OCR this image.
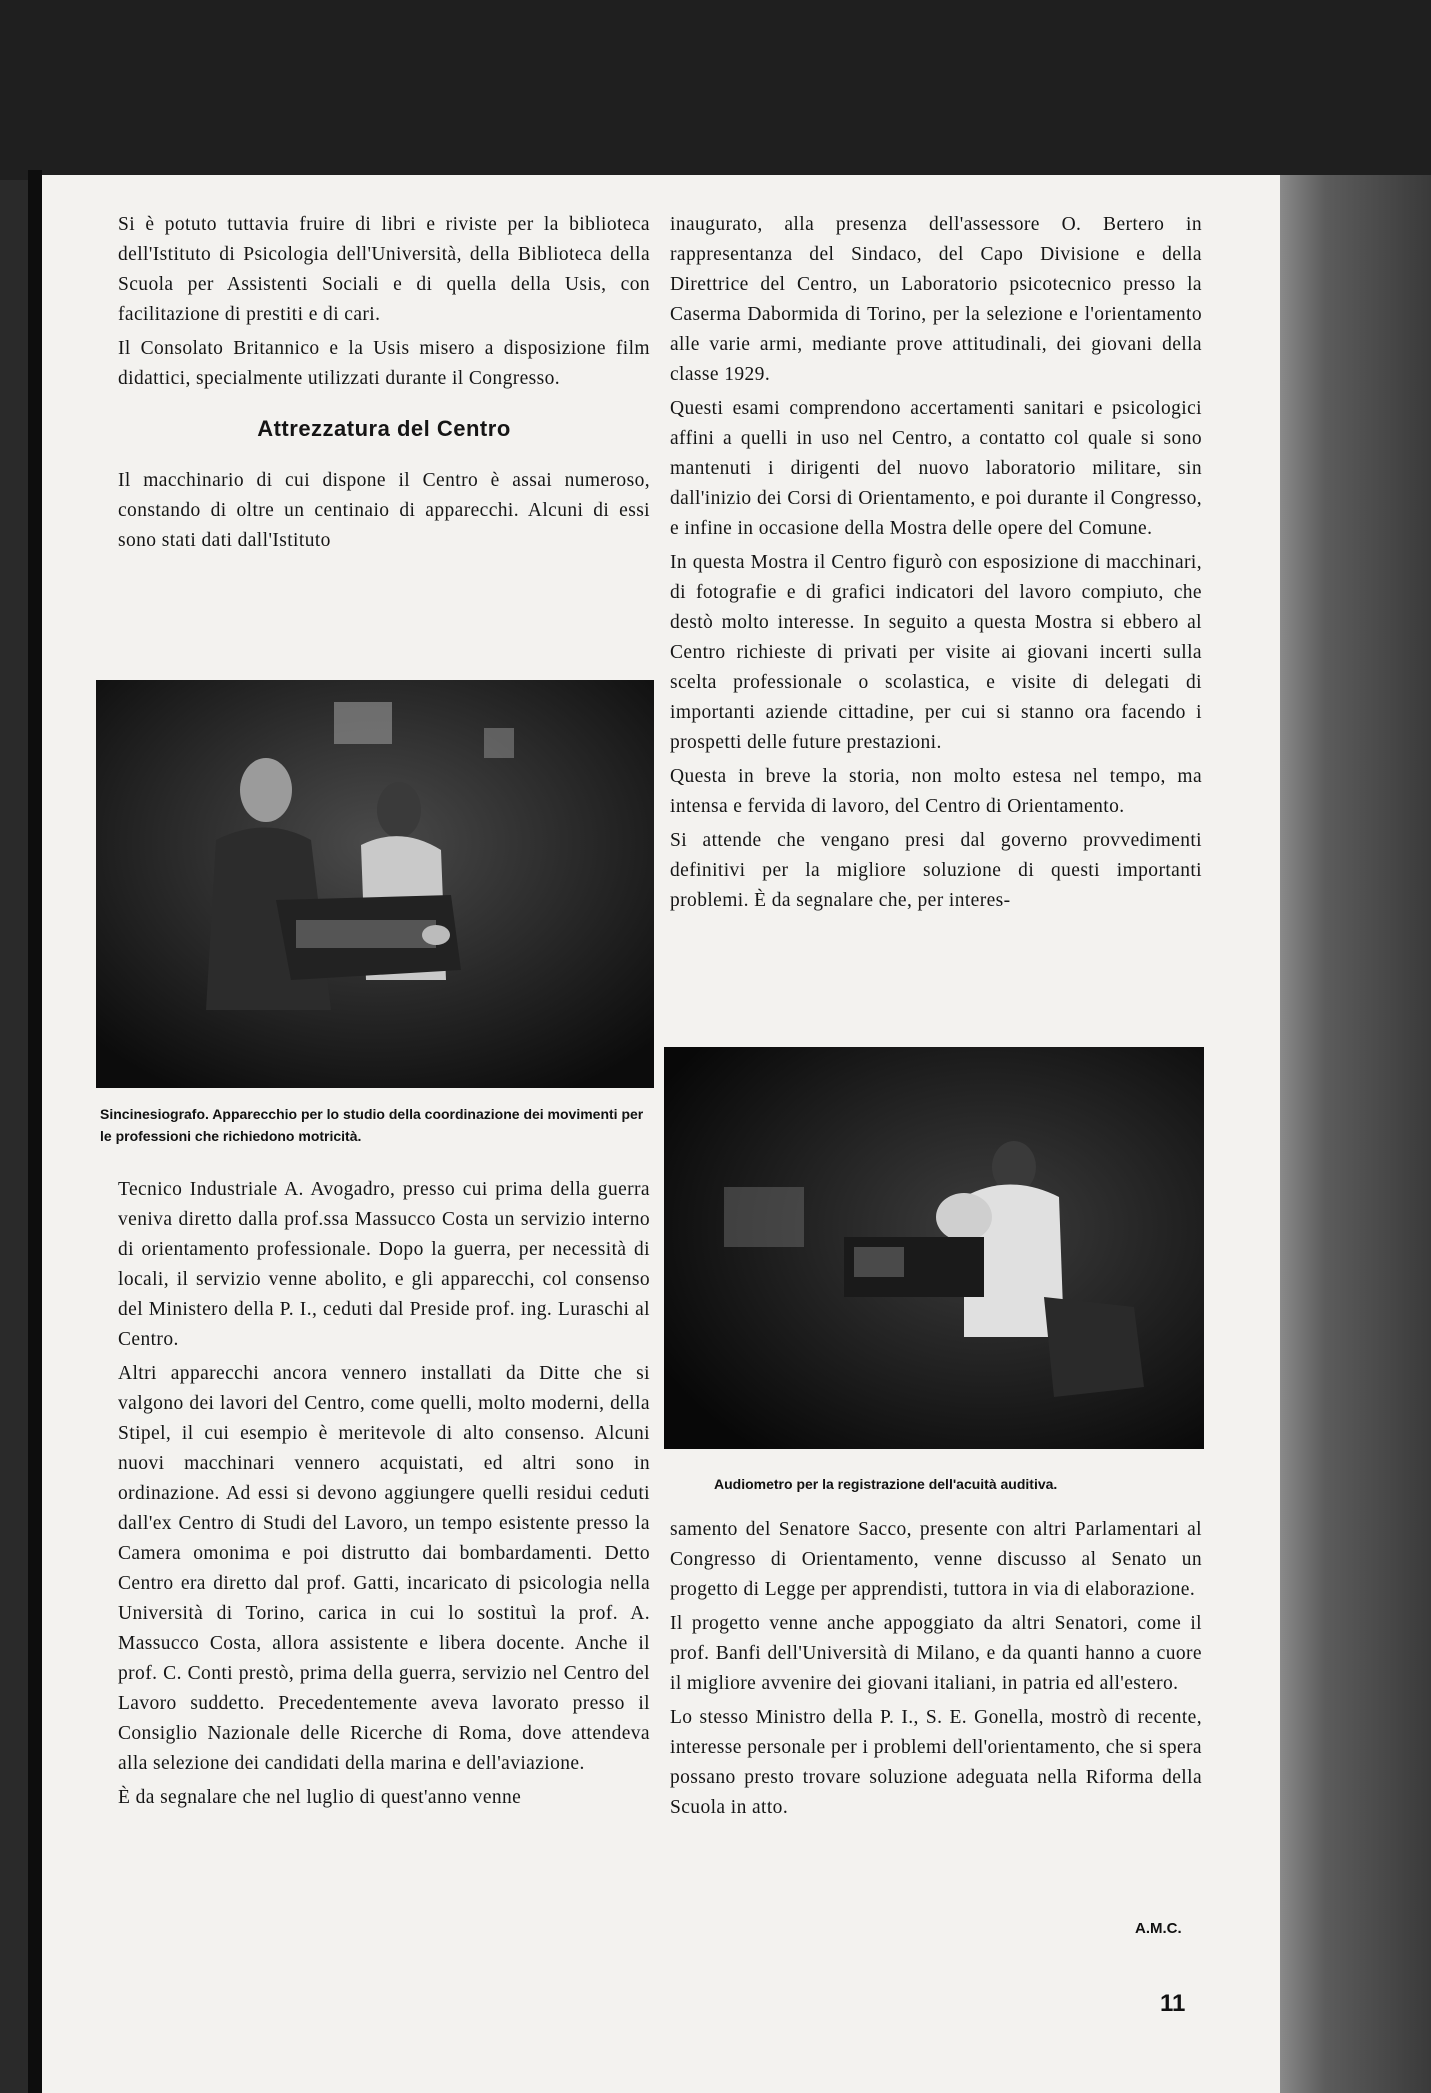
Si è potuto tuttavia fruire di libri e riviste per la biblioteca dell'Istituto di Psicologia dell'Università, della Biblioteca della Scuola per Assistenti Sociali e di quella della Usis, con facilitazione di prestiti e di cari.

Il Consolato Britannico e la Usis misero a disposizione film didattici, specialmente utilizzati durante il Congresso.

Attrezzatura del Centro

Il macchinario di cui dispone il Centro è assai numeroso, constando di oltre un centinaio di apparecchi. Alcuni di essi sono stati dati dall'Istituto

Sincinesiografo. Apparecchio per lo studio della coordinazione dei movimenti per le professioni che richiedono motricità.

Tecnico Industriale A. Avogadro, presso cui prima della guerra veniva diretto dalla prof.ssa Massucco Costa un servizio interno di orientamento professionale. Dopo la guerra, per necessità di locali, il servizio venne abolito, e gli apparecchi, col consenso del Ministero della P. I., ceduti dal Preside prof. ing. Luraschi al Centro.

Altri apparecchi ancora vennero installati da Ditte che si valgono dei lavori del Centro, come quelli, molto moderni, della Stipel, il cui esempio è meritevole di alto consenso. Alcuni nuovi macchinari vennero acquistati, ed altri sono in ordinazione. Ad essi si devono aggiungere quelli residui ceduti dall'ex Centro di Studi del Lavoro, un tempo esistente presso la Camera omonima e poi distrutto dai bombardamenti. Detto Centro era diretto dal prof. Gatti, incaricato di psicologia nella Università di Torino, carica in cui lo sostituì la prof. A. Massucco Costa, allora assistente e libera docente. Anche il prof. C. Conti prestò, prima della guerra, servizio nel Centro del Lavoro suddetto. Precedentemente aveva lavorato presso il Consiglio Nazionale delle Ricerche di Roma, dove attendeva alla selezione dei candidati della marina e dell'aviazione.

È da segnalare che nel luglio di quest'anno venne

inaugurato, alla presenza dell'assessore O. Bertero in rappresentanza del Sindaco, del Capo Divisione e della Direttrice del Centro, un Laboratorio psicotecnico presso la Caserma Dabormida di Torino, per la selezione e l'orientamento alle varie armi, mediante prove attitudinali, dei giovani della classe 1929.

Questi esami comprendono accertamenti sanitari e psicologici affini a quelli in uso nel Centro, a contatto col quale si sono mantenuti i dirigenti del nuovo laboratorio militare, sin dall'inizio dei Corsi di Orientamento, e poi durante il Congresso, e infine in occasione della Mostra delle opere del Comune.

In questa Mostra il Centro figurò con esposizione di macchinari, di fotografie e di grafici indicatori del lavoro compiuto, che destò molto interesse. In seguito a questa Mostra si ebbero al Centro richieste di privati per visite ai giovani incerti sulla scelta professionale o scolastica, e visite di delegati di importanti aziende cittadine, per cui si stanno ora facendo i prospetti delle future prestazioni.

Questa in breve la storia, non molto estesa nel tempo, ma intensa e fervida di lavoro, del Centro di Orientamento.

Si attende che vengano presi dal governo provvedimenti definitivi per la migliore soluzione di questi importanti problemi. È da segnalare che, per interes-

Audiometro per la registrazione dell'acuità auditiva.

samento del Senatore Sacco, presente con altri Parlamentari al Congresso di Orientamento, venne discusso al Senato un progetto di Legge per apprendisti, tuttora in via di elaborazione.

Il progetto venne anche appoggiato da altri Senatori, come il prof. Banfi dell'Università di Milano, e da quanti hanno a cuore il migliore avvenire dei giovani italiani, in patria ed all'estero.

Lo stesso Ministro della P. I., S. E. Gonella, mostrò di recente, interesse personale per i problemi dell'orientamento, che si spera possano presto trovare soluzione adeguata nella Riforma della Scuola in atto.

A.M.C.
11
